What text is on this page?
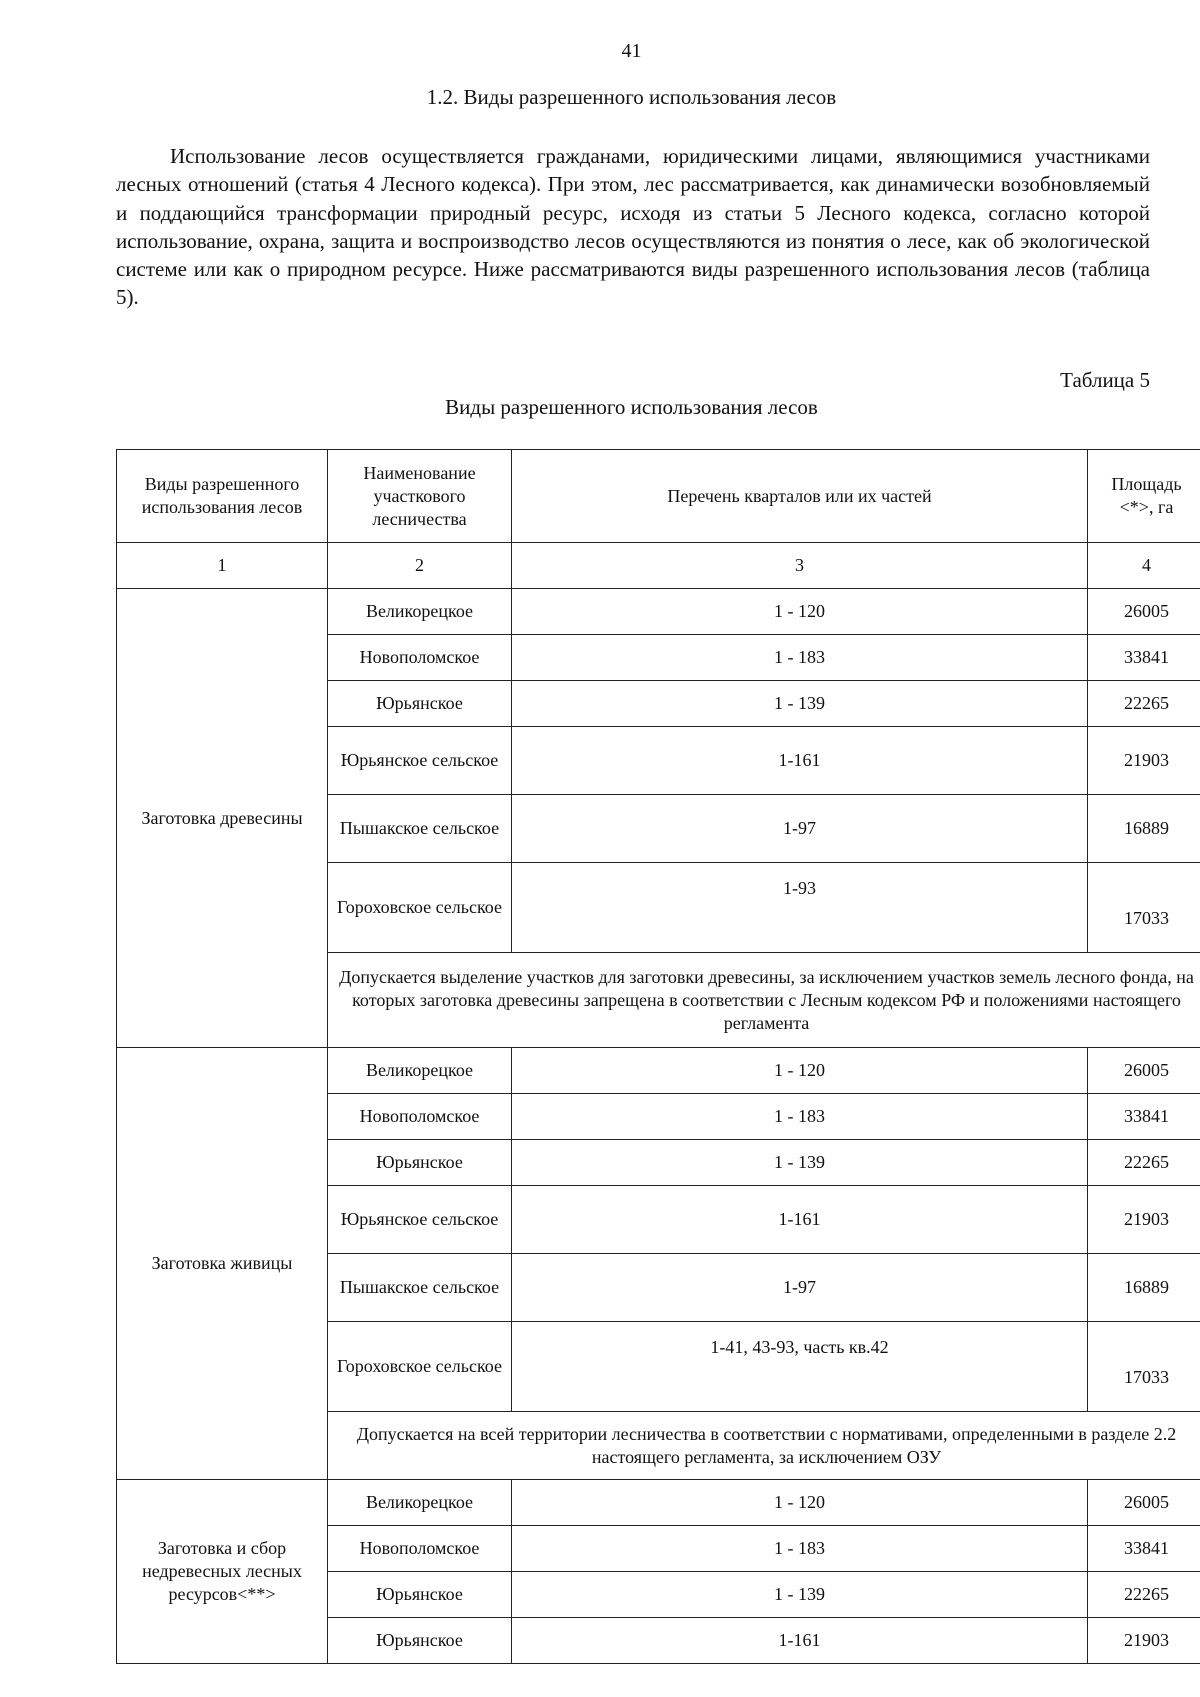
41
1.2. Виды разрешенного использования лесов

Использование лесов осуществляется гражданами, юридическими лицами, являющимися участниками лесных отношений (статья 4 Лесного кодекса). При этом, лес рассматривается, как динамически возобновляемый и поддающийся трансформации природный ресурс, исходя из статьи 5 Лесного кодекса, согласно которой использование, охрана, защита и воспроизводство лесов осуществляются из понятия о лесе, как об экологической системе или как о природном ресурсе. Ниже рассматриваются виды разрешенного использования лесов (таблица 5).

Таблица 5
Виды разрешенного использования лесов
Виды разрешенного использования лесов	Наименование участкового лесничества	Перечень кварталов или их частей	Площадь <*>, га
1	2	3	4
Заготовка древесины	Великорецкое	1 - 120	26005
	Новополомское	1 - 183	33841
	Юрьянское	1 - 139	22265
	Юрьянское сельское	1-161	21903
	Пышакское сельское	1-97	16889
	Гороховское сельское	1-93	17033
	Допускается выделение участков для заготовки древесины, за исключением участков земель лесного фонда, на которых заготовка древесины запрещена в соответствии с Лесным кодексом РФ и положениями настоящего регламента		
Заготовка живицы	Великорецкое	1 - 120	26005
	Новополомское	1 - 183	33841
	Юрьянское	1 - 139	22265
	Юрьянское сельское	1-161	21903
	Пышакское сельское	1-97	16889
	Гороховское сельское	1-41, 43-93, часть кв.42	17033
	Допускается на всей территории лесничества в соответствии с нормативами, определенными в разделе 2.2 настоящего регламента, за исключением ОЗУ		
Заготовка и сбор недревесных лесных ресурсов<**>	Великорецкое	1 - 120	26005
	Новополомское	1 - 183	33841
	Юрьянское	1 - 139	22265
	Юрьянское	1-161	21903
